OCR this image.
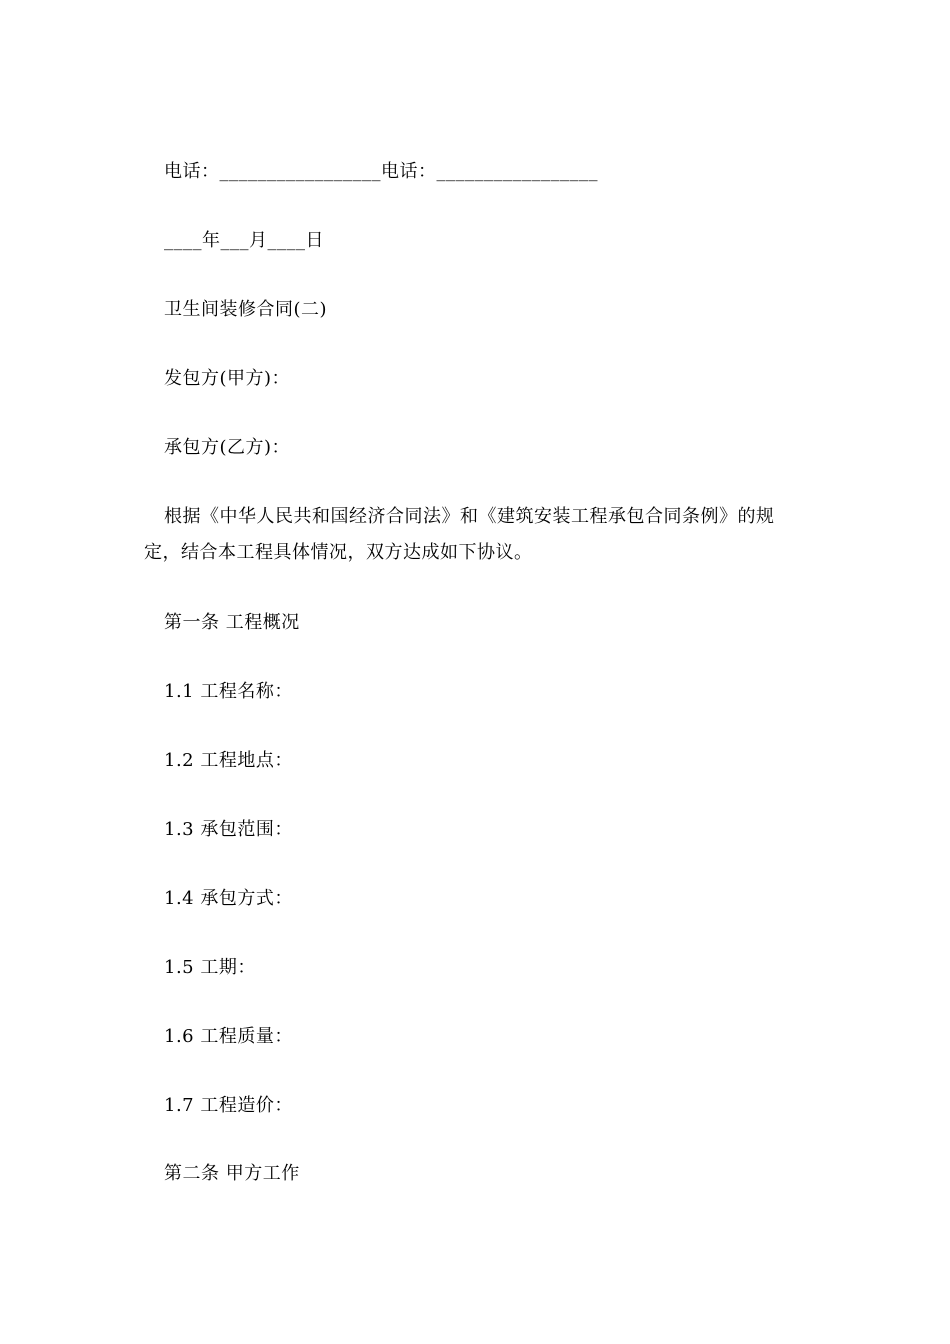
电话：_________________电话：_________________
____年___月____日
卫生间装修合同(二)
发包方(甲方)：
承包方(乙方)：
根据《中华人民共和国经济合同法》和《建筑安装工程承包合同条例》的规定，结合本工程具体情况，双方达成如下协议。
第一条 工程概况
1.1 工程名称：
1.2 工程地点：
1.3 承包范围：
1.4 承包方式：
1.5 工期：
1.6 工程质量：
1.7 工程造价：
第二条 甲方工作
